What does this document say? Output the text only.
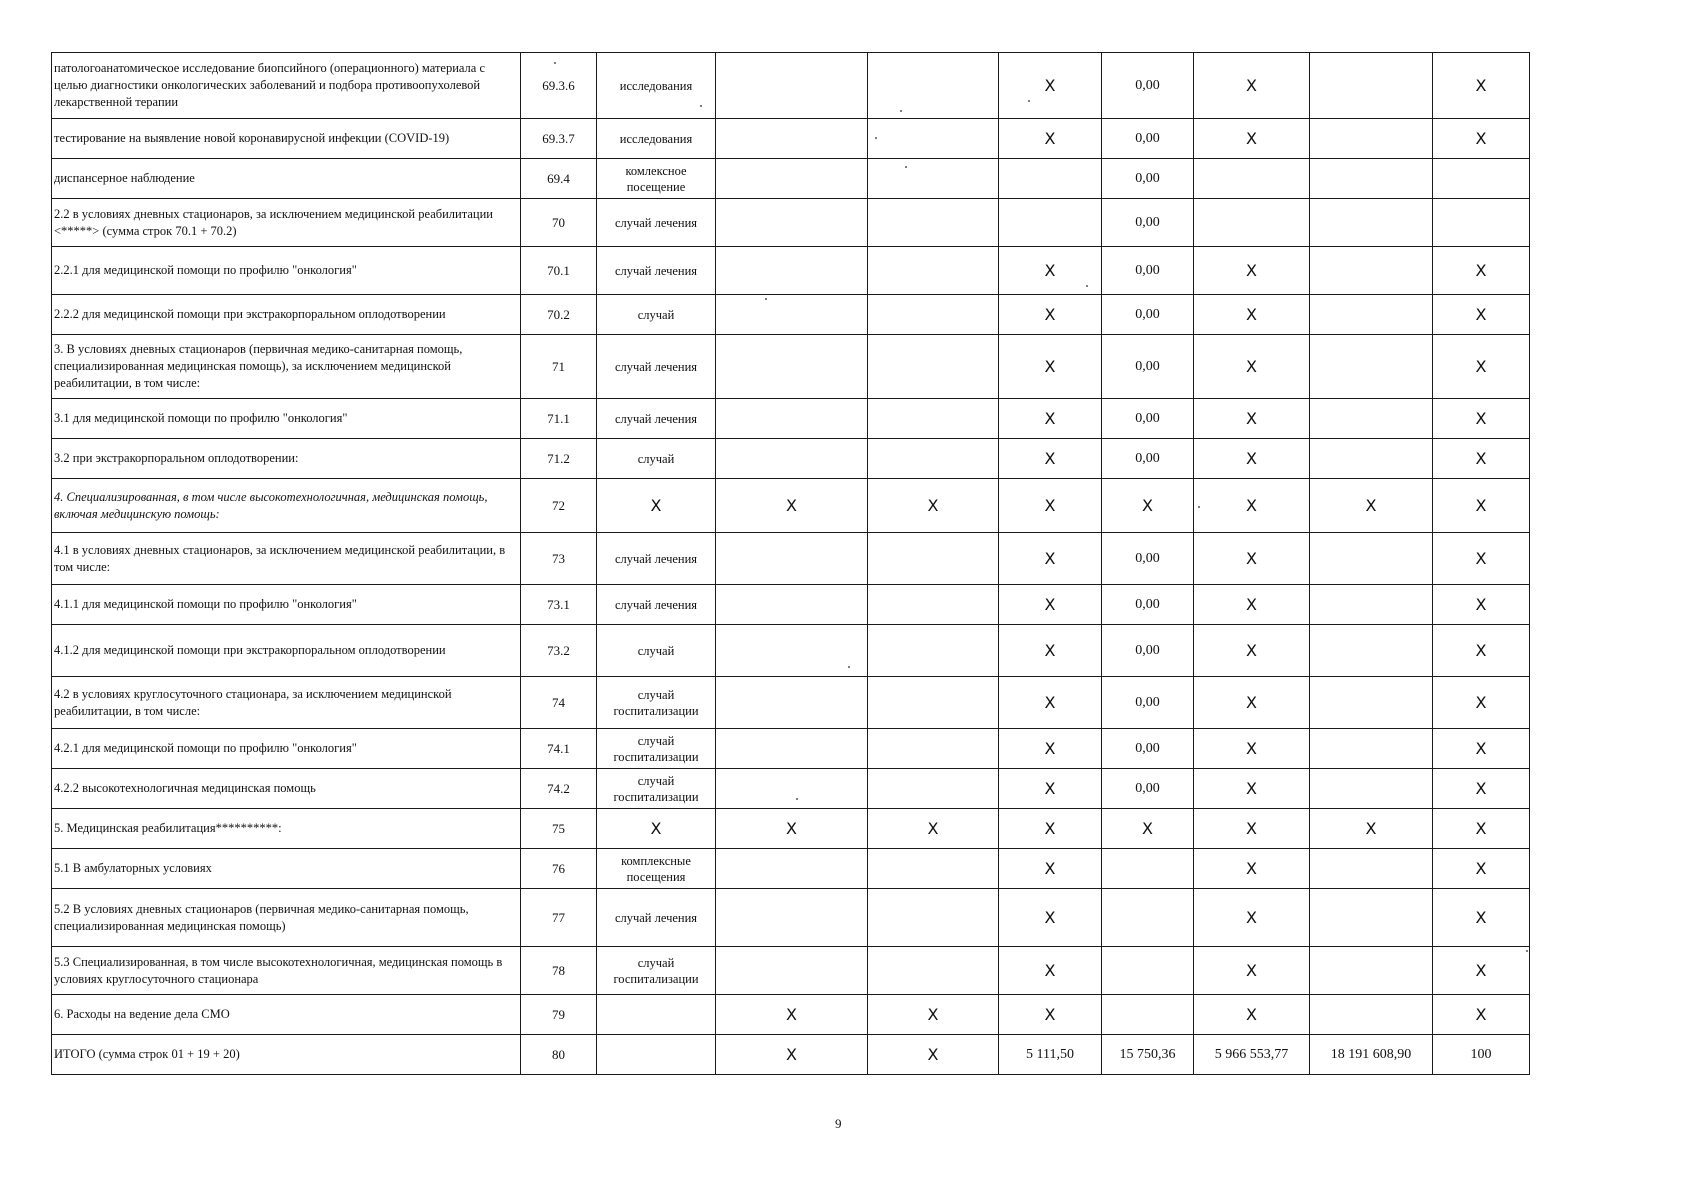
патологоанатомическое исследование биопсийного (операционного) материала с целью диагностики онкологических заболеваний и подбора противоопухолевой лекарственной терапии	69.3.6	исследования			X	0,00	X		X
тестирование на выявление новой коронавирусной инфекции (COVID-19)	69.3.7	исследования			X	0,00	X		X
диспансерное наблюдение	69.4	комлексное посещение				0,00			
2.2 в условиях дневных стационаров, за исключением медицинской реабилитации <*****> (сумма строк 70.1 + 70.2)	70	случай лечения				0,00			
2.2.1 для медицинской помощи по профилю "онкология"	70.1	случай лечения			X	0,00	X		X
2.2.2 для медицинской помощи при экстракорпоральном оплодотворении	70.2	случай			X	0,00	X		X
3. В условиях дневных стационаров (первичная медико-санитарная помощь, специализированная медицинская помощь), за исключением медицинской реабилитации, в том числе:	71	случай лечения			X	0,00	X		X
3.1 для медицинской помощи по профилю "онкология"	71.1	случай лечения			X	0,00	X		X
3.2 при экстракорпоральном оплодотворении:	71.2	случай			X	0,00	X		X
4. Специализированная, в том числе высокотехнологичная, медицинская помощь, включая медицинскую помощь:	72	X	X	X	X	X	X	X	X
4.1 в условиях дневных стационаров, за исключением медицинской реабилитации, в том числе:	73	случай лечения			X	0,00	X		X
4.1.1 для медицинской помощи по профилю "онкология"	73.1	случай лечения			X	0,00	X		X
4.1.2 для медицинской помощи при экстракорпоральном оплодотворении	73.2	случай			X	0,00	X		X
4.2 в условиях круглосуточного стационара, за исключением медицинской реабилитации, в том числе:	74	случай госпитализации			X	0,00	X		X
4.2.1 для медицинской помощи по профилю "онкология"	74.1	случай госпитализации			X	0,00	X		X
4.2.2 высокотехнологичная медицинская помощь	74.2	случай госпитализации			X	0,00	X		X
5. Медицинская реабилитация**********:	75	X	X	X	X	X	X	X	X
5.1 В амбулаторных условиях	76	комплексные посещения			X		X		X
5.2 В условиях дневных стационаров (первичная медико-санитарная помощь, специализированная медицинская помощь)	77	случай лечения			X		X		X
5.3 Специализированная, в том числе высокотехнологичная, медицинская помощь в условиях круглосуточного стационара	78	случай госпитализации			X		X		X
6. Расходы на ведение дела СМО	79		X	X	X		X		X
ИТОГО (сумма строк 01 + 19 + 20)	80		X	X	5 111,50	15 750,36	5 966 553,77	18 191 608,90	100
9
